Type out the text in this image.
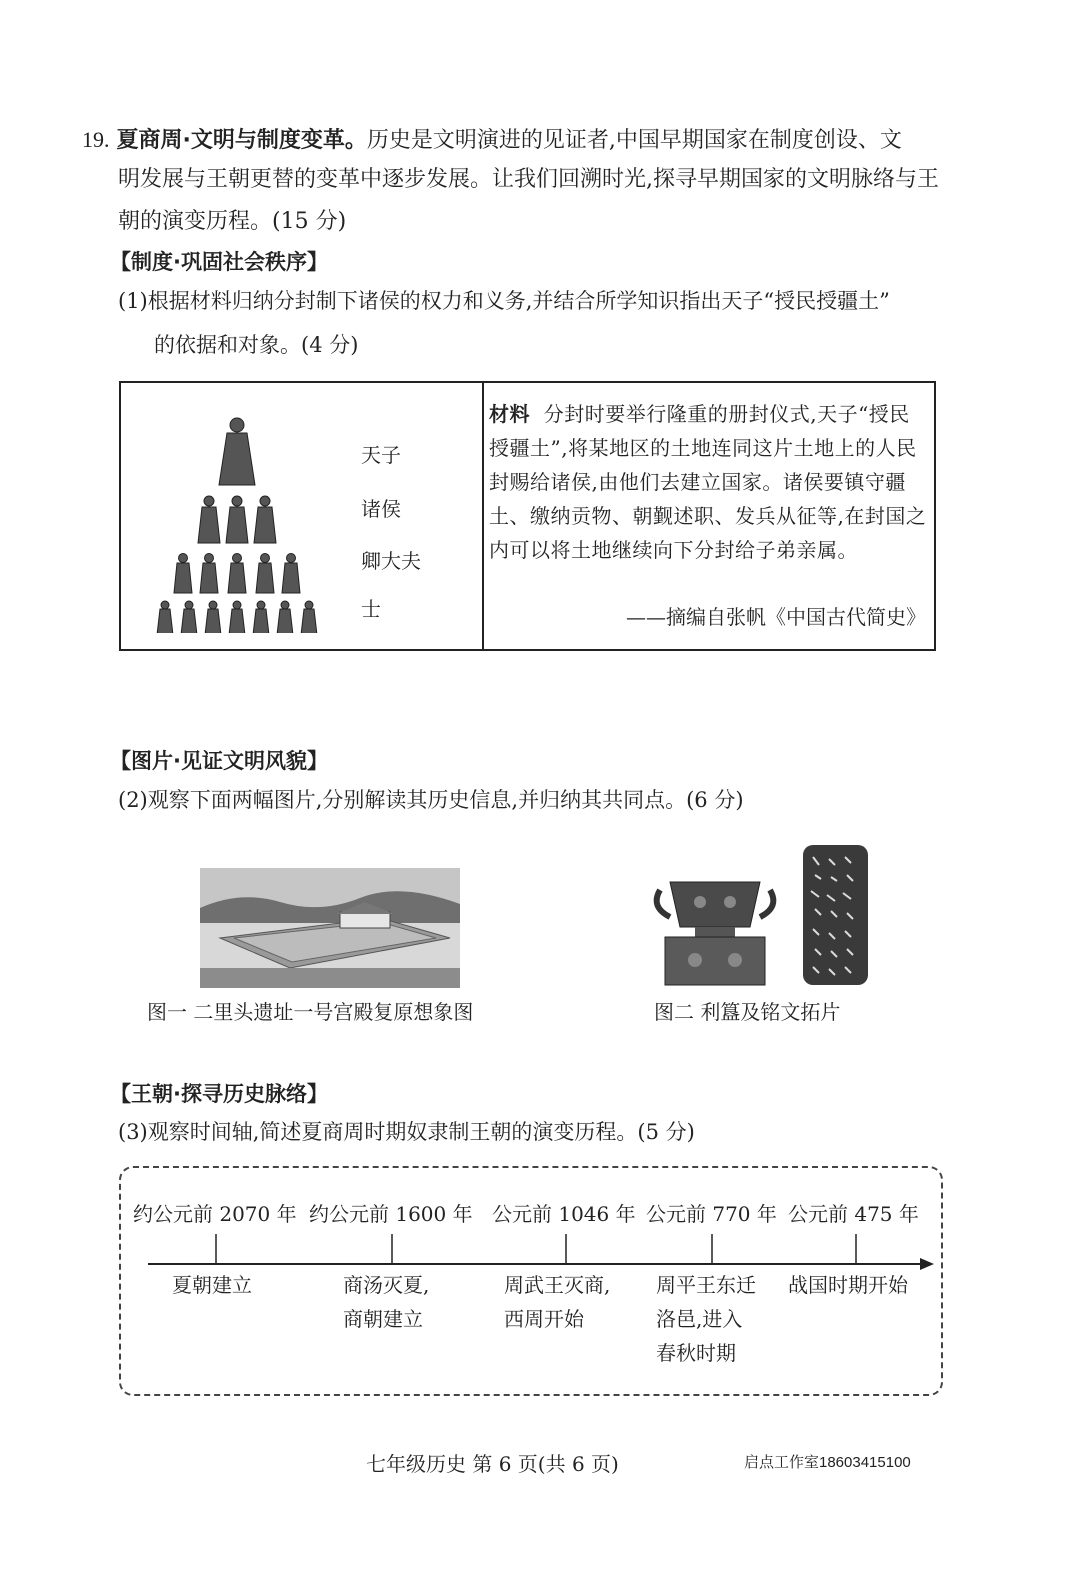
19. 夏商周·文明与制度变革。历史是文明演进的见证者,中国早期国家在制度创设、文
明发展与王朝更替的变革中逐步发展。让我们回溯时光,探寻早期国家的文明脉络与王
朝的演变历程。(15 分)
【制度·巩固社会秩序】
(1)根据材料归纳分封制下诸侯的权力和义务,并结合所学知识指出天子“授民授疆土”
的依据和对象。(4 分)
天子
诸侯
卿大夫
士
材料 分封时要举行隆重的册封仪式,天子“授民授疆土”,将某地区的土地连同这片土地上的人民封赐给诸侯,由他们去建立国家。诸侯要镇守疆土、缴纳贡物、朝觐述职、发兵从征等,在封国之内可以将土地继续向下分封给子弟亲属。
——摘编自张帆《中国古代简史》
【图片·见证文明风貌】
(2)观察下面两幅图片,分别解读其历史信息,并归纳其共同点。(6 分)
图一 二里头遗址一号宫殿复原想象图	图二 利簋及铭文拓片
【王朝·探寻历史脉络】
(3)观察时间轴,简述夏商周时期奴隶制王朝的演变历程。(5 分)
约公元前 2070 年 约公元前 1600 年 公元前 1046 年 公元前 770 年 公元前 475 年
夏朝建立	商汤灭夏,
商朝建立
周武王灭商,
西周开始
周平王东迁
洛邑,进入
春秋时期
战国时期开始
七年级历史 第 6 页(共 6 页)	启点工作室18603415100
